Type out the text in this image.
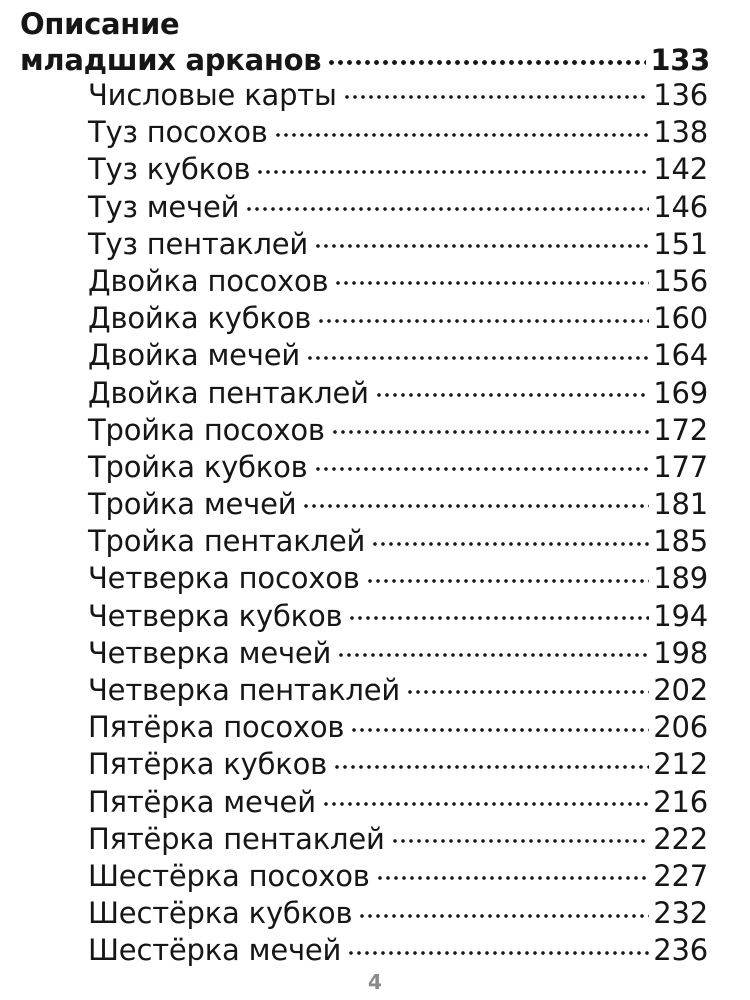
Описание
младших арканов	133
Числовые карты	136
Туз посохов	138
Туз кубков	142
Туз мечей	146
Туз пентаклей	151
Двойка посохов	156
Двойка кубков	160
Двойка мечей	164
Двойка пентаклей	169
Тройка посохов	172
Тройка кубков	177
Тройка мечей	181
Тройка пентаклей	185
Четверка посохов	189
Четверка кубков	194
Четверка мечей	198
Четверка пентаклей	202
Пятёрка посохов	206
Пятёрка кубков	212
Пятёрка мечей	216
Пятёрка пентаклей	222
Шестёрка посохов	227
Шестёрка кубков	232
Шестёрка мечей	236
4
